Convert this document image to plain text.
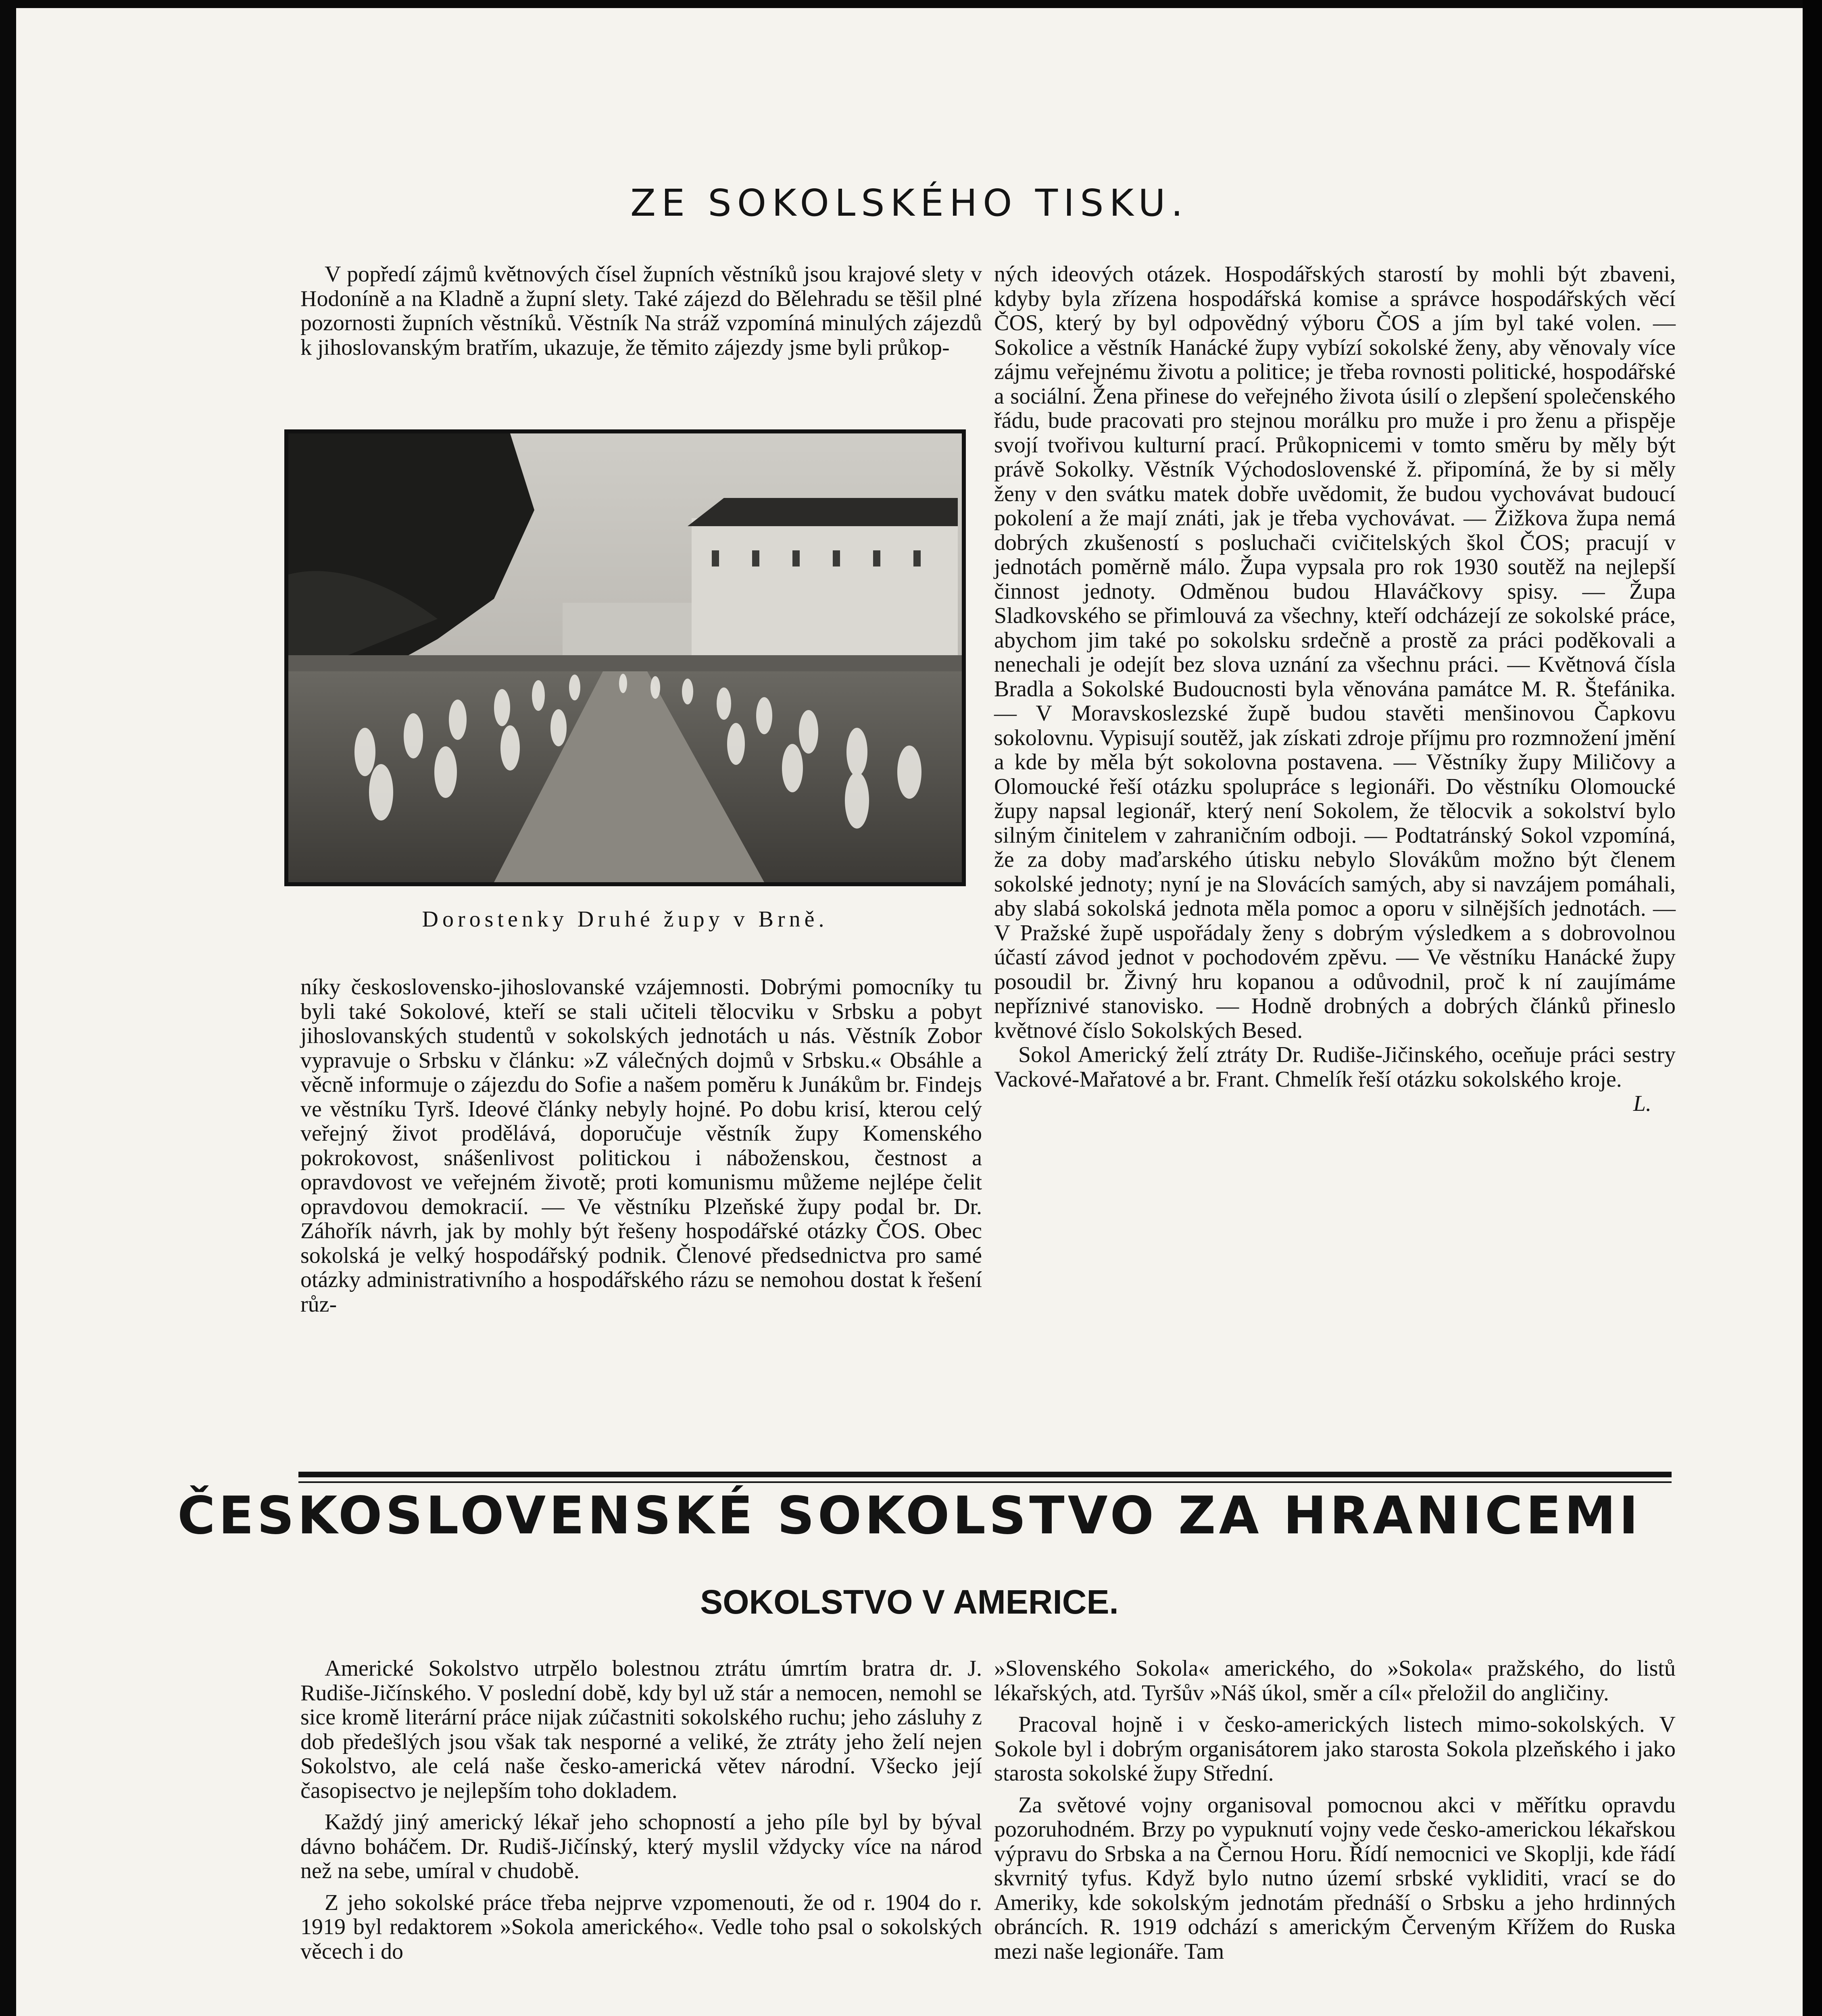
ZE SOKOLSKÉHO TISKU.

V popředí zájmů květnových čísel župních věstníků jsou krajové slety v Hodoníně a na Kladně a župní slety. Také zájezd do Bělehradu se těšil plné pozornosti župních věstníků. Věstník Na stráž vzpomíná minulých zájezdů k jihoslovanským bratřím, ukazuje, že těmito zájezdy jsme byli průkop-

Dorostenky Druhé župy v Brně.

níky československo-jihoslovanské vzájemnosti. Dobrými pomocníky tu byli také Sokolové, kteří se stali učiteli tělocviku v Srbsku a pobyt jihoslovanských studentů v sokolských jednotách u nás. Věstník Zobor vypravuje o Srbsku v článku: »Z válečných dojmů v Srbsku.« Obsáhle a věcně informuje o zájezdu do Sofie a našem poměru k Junákům br. Findejs ve věstníku Tyrš. Ideové články nebyly hojné. Po dobu krisí, kterou celý veřejný život prodělává, doporučuje věstník župy Komenského pokrokovost, snášenlivost politickou i náboženskou, čestnost a opravdovost ve veřejném životě; proti komunismu můžeme nejlépe čelit opravdovou demokracií. — Ve věstníku Plzeňské župy podal br. Dr. Záhořík návrh, jak by mohly být řešeny hospodářské otázky ČOS. Obec sokolská je velký hospodářský podnik. Členové předsednictva pro samé otázky administrativního a hospodářského rázu se nemohou dostat k řešení růz-

ných ideových otázek. Hospodářských starostí by mohli být zbaveni, kdyby byla zřízena hospodářská komise a správce hospodářských věcí ČOS, který by byl odpovědný výboru ČOS a jím byl také volen. — Sokolice a věstník Hanácké župy vybízí sokolské ženy, aby věnovaly více zájmu veřejnému životu a politice; je třeba rovnosti politické, hospodářské a sociální. Žena přinese do veřejného života úsilí o zlepšení společenského řádu, bude pracovati pro stejnou morálku pro muže i pro ženu a přispěje svojí tvořivou kulturní prací. Průkopnicemi v tomto směru by měly být právě Sokolky. Věstník Východoslovenské ž. připomíná, že by si měly ženy v den svátku matek dobře uvědomit, že budou vychovávat budoucí pokolení a že mají znáti, jak je třeba vychovávat. — Žižkova župa nemá dobrých zkušeností s posluchači cvičitelských škol ČOS; pracují v jednotách poměrně málo. Župa vypsala pro rok 1930 soutěž na nejlepší činnost jednoty. Odměnou budou Hlaváčkovy spisy. — Župa Sladkovského se přimlouvá za všechny, kteří odcházejí ze sokolské práce, abychom jim také po sokolsku srdečně a prostě za práci poděkovali a nenechali je odejít bez slova uznání za všechnu práci. — Květnová čísla Bradla a Sokolské Budoucnosti byla věnována památce M. R. Štefánika. — V Moravskoslezské župě budou stavěti menšinovou Čapkovu sokolovnu. Vypisují soutěž, jak získati zdroje příjmu pro rozmnožení jmění a kde by měla být sokolovna postavena. — Věstníky župy Miličovy a Olomoucké řeší otázku spolupráce s legionáři. Do věstníku Olomoucké župy napsal legionář, který není Sokolem, že tělocvik a sokolství bylo silným činitelem v zahraničním odboji. — Podtatránský Sokol vzpomíná, že za doby maďarského útisku nebylo Slovákům možno být členem sokolské jednoty; nyní je na Slovácích samých, aby si navzájem pomáhali, aby slabá sokolská jednota měla pomoc a oporu v silnějších jednotách. — V Pražské župě uspořádaly ženy s dobrým výsledkem a s dobrovolnou účastí závod jednot v pochodovém zpěvu. — Ve věstníku Hanácké župy posoudil br. Živný hru kopanou a odůvodnil, proč k ní zaujímáme nepříznivé stanovisko. — Hodně drobných a dobrých článků přineslo květnové číslo Sokolských Besed.

Sokol Americký želí ztráty Dr. Rudiše-Jičinského, oceňuje práci sestry Vackové-Mařatové a br. Frant. Chmelík řeší otázku sokolského kroje.
L.

ČESKOSLOVENSKÉ SOKOLSTVO ZA HRANICEMI
SOKOLSTVO V AMERICE.

Americké Sokolstvo utrpělo bolestnou ztrátu úmrtím bratra dr. J. Rudiše-Jičínského. V poslední době, kdy byl už stár a nemocen, nemohl se sice kromě literární práce nijak zúčastniti sokolského ruchu; jeho zásluhy z dob předešlých jsou však tak nesporné a veliké, že ztráty jeho želí nejen Sokolstvo, ale celá naše česko-americká větev národní. Všecko její časopisectvo je nejlepším toho dokladem.

Každý jiný americký lékař jeho schopností a jeho píle byl by býval dávno boháčem. Dr. Rudiš-Jičínský, který myslil vždycky více na národ než na sebe, umíral v chudobě.

Z jeho sokolské práce třeba nejprve vzpomenouti, že od r. 1904 do r. 1919 byl redaktorem »Sokola amerického«. Vedle toho psal o sokolských věcech i do

»Slovenského Sokola« amerického, do »Sokola« pražského, do listů lékařských, atd. Tyršův »Náš úkol, směr a cíl« přeložil do angličiny.

Pracoval hojně i v česko-amerických listech mimo-sokolských. V Sokole byl i dobrým organisátorem jako starosta Sokola plzeňského i jako starosta sokolské župy Střední.

Za světové vojny organisoval pomocnou akci v měřítku opravdu pozoruhodném. Brzy po vypuknutí vojny vede česko-americkou lékařskou výpravu do Srbska a na Černou Horu. Řídí nemocnici ve Skoplji, kde řádí skvrnitý tyfus. Když bylo nutno území srbské vykliditi, vrací se do Ameriky, kde sokolským jednotám přednáší o Srbsku a jeho hrdinných obráncích. R. 1919 odchází s americkým Červeným Křížem do Ruska mezi naše legionáře. Tam
